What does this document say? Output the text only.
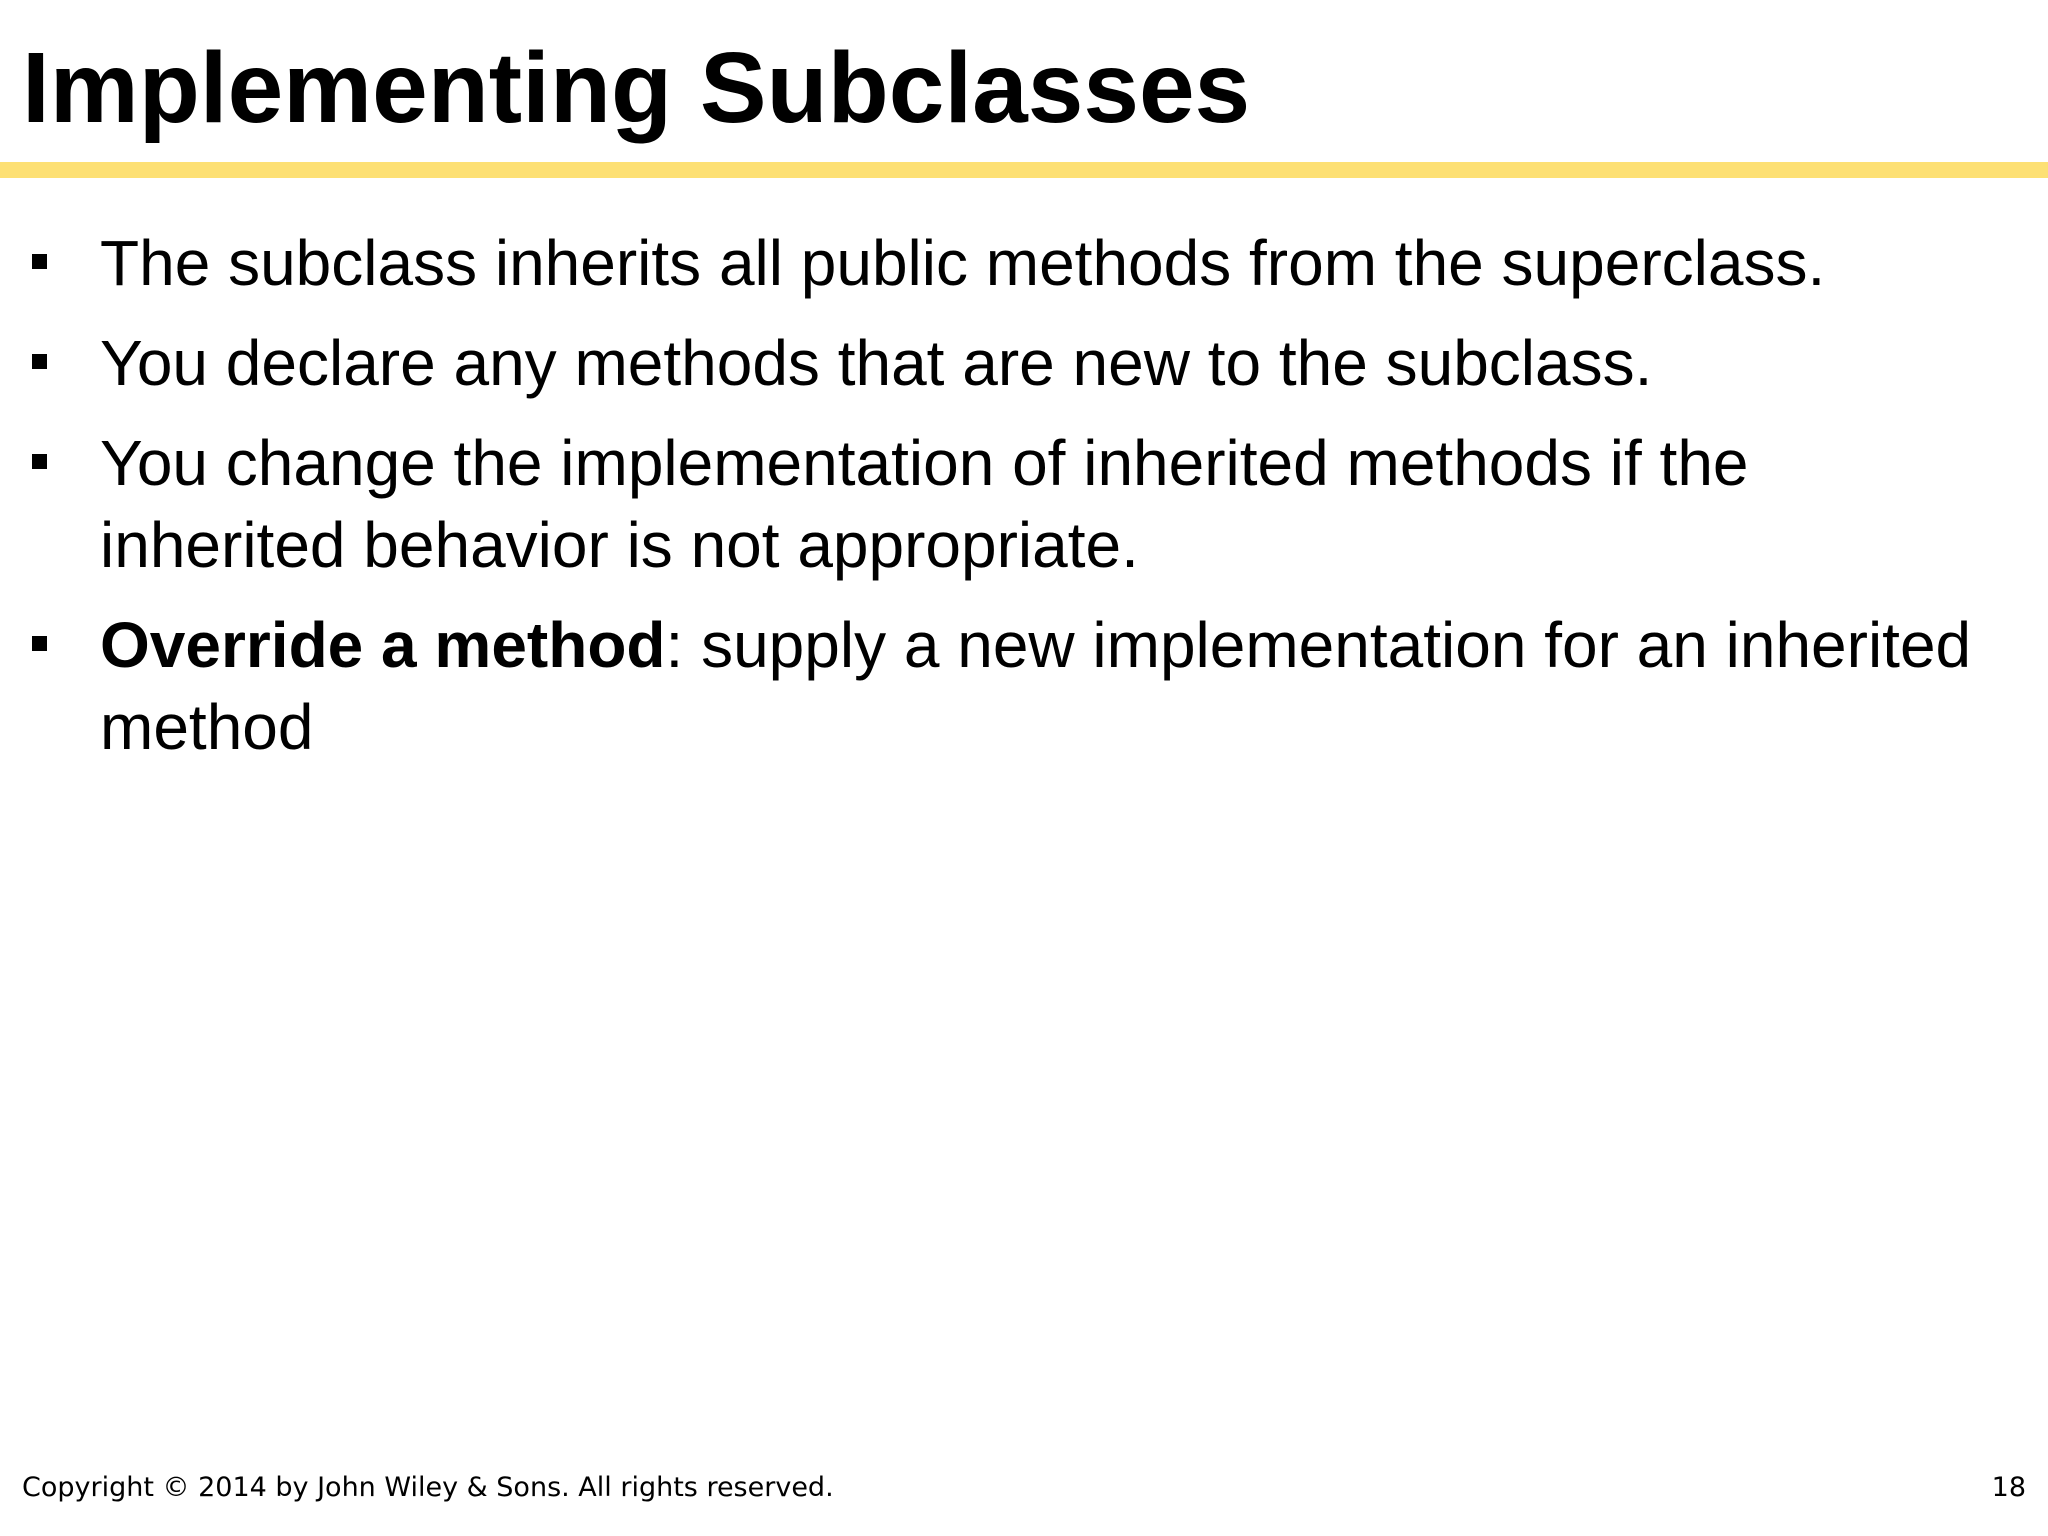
Implementing Subclasses
The subclass inherits all public methods from the superclass.
You declare any methods that are new to the subclass.
You change the implementation of inherited methods if the inherited behavior is not appropriate.
Override a method: supply a new implementation for an inherited method
Copyright © 2014 by John Wiley & Sons. All rights reserved.	18
